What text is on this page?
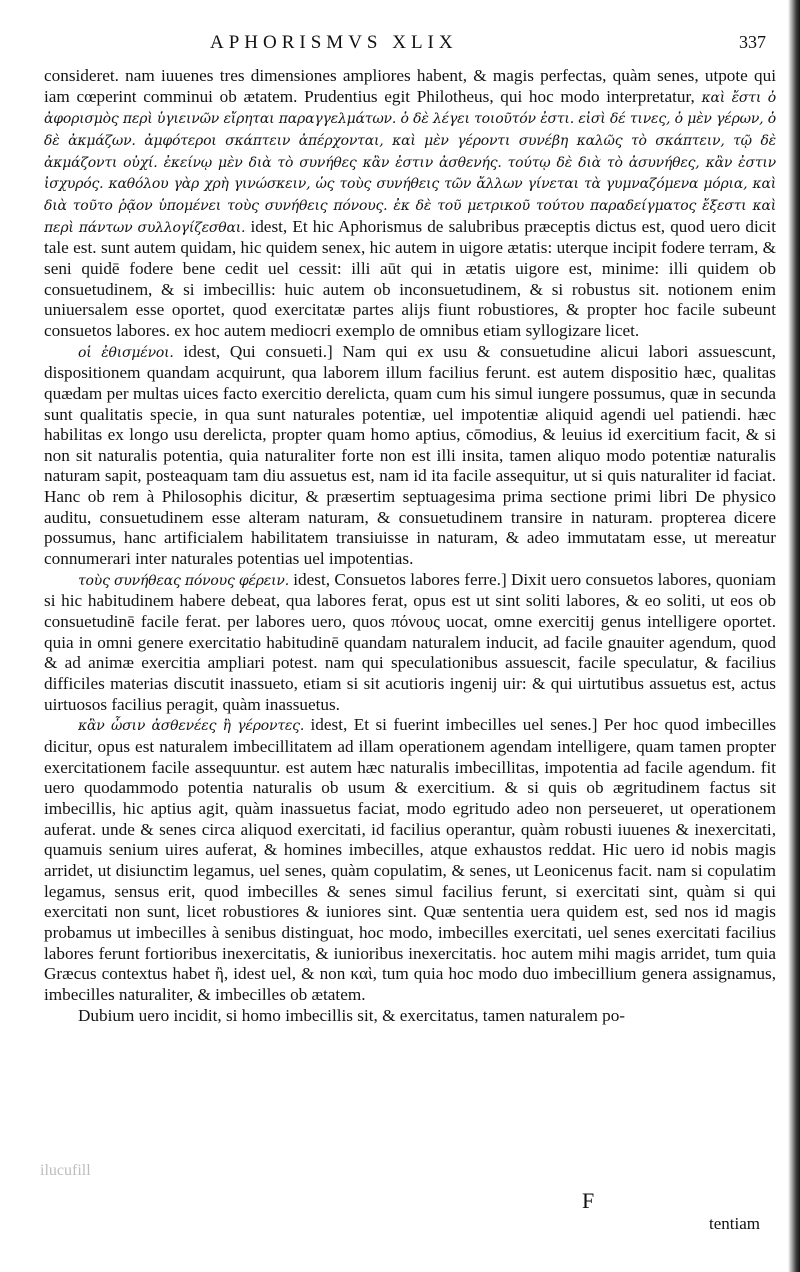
APHORISMVS XLIX	337

consideret. nam iuuenes tres dimensiones ampliores habent, & magis perfectas, quàm senes, utpote qui iam cœperint comminui ob ætatem. Prudentius egit Philotheus, qui hoc modo interpretatur, καὶ ἔστι ὁ ἀφορισμὸς περὶ ὑγιεινῶν εἴρηται παραγγελμάτων. ὁ δὲ λέγει τοιοῦτόν ἐστι. εἰσὶ δέ τινες, ὁ μὲν γέρων, ὁ δὲ ἀκμάζων. ἀμφότεροι σκάπτειν ἀπέρχονται, καὶ μὲν γέροντι συνέβη καλῶς τὸ σκάπτειν, τῷ δὲ ἀκμάζοντι οὐχί. ἐκείνῳ μὲν διὰ τὸ συνήθες κἂν ἐστιν ἀσθενής. τούτῳ δὲ διὰ τὸ ἀσυνήθες, κἂν ἐστιν ἰσχυρός. καθόλου γὰρ χρὴ γινώσκειν, ὡς τοὺς συνήθεις τῶν ἄλλων γίνεται τὰ γυμναζόμενα μόρια, καὶ διὰ τοῦτο ῥᾷον ὑπομένει τοὺς συνήθεις πόνους. ἐκ δὲ τοῦ μετρικοῦ τούτου παραδείγματος ἔξεστι καὶ περὶ πάντων συλλογίζεσθαι. idest, Et hic Aphorismus de salubribus præceptis dictus est, quod uero dicit tale est. sunt autem quidam, hic quidem senex, hic autem in uigore ætatis: uterque incipit fodere terram, & seni quidē fodere bene cedit uel cessit: illi aūt qui in ætatis uigore est, minime: illi quidem ob consuetudinem, & si imbecillis: huic autem ob inconsuetudinem, & si robustus sit. notionem enim uniuersalem esse oportet, quod exercitatæ partes alijs fiunt robustiores, & propter hoc facile subeunt consuetos labores. ex hoc autem mediocri exemplo de omnibus etiam syllogizare licet.

οἱ ἐθισμένοι. idest, Qui consueti.] Nam qui ex usu & consuetudine alicui labori assuescunt, dispositionem quandam acquirunt, qua laborem illum facilius ferunt. est autem dispositio hæc, qualitas quædam per multas uices facto exercitio derelicta, quam cum his simul iungere possumus, quæ in secunda sunt qualitatis specie, in qua sunt naturales potentiæ, uel impotentiæ aliquid agendi uel patiendi. hæc habilitas ex longo usu derelicta, propter quam homo aptius, cōmodius, & leuius id exercitium facit, & si non sit naturalis potentia, quia naturaliter forte non est illi insita, tamen aliquo modo potentiæ naturalis naturam sapit, posteaquam tam diu assuetus est, nam id ita facile assequitur, ut si quis naturaliter id faciat. Hanc ob rem à Philosophis dicitur, & præsertim septuagesima prima sectione primi libri De physico auditu, consuetudinem esse alteram naturam, & consuetudinem transire in naturam. propterea dicere possumus, hanc artificialem habilitatem transiuisse in naturam, & adeo immutatam esse, ut mereatur connumerari inter naturales potentias uel impotentias.

τοὺς συνήθεας πόνους φέρειν. idest, Consuetos labores ferre.] Dixit uero consuetos labores, quoniam si hic habitudinem habere debeat, qua labores ferat, opus est ut sint soliti labores, & eo soliti, ut eos ob consuetudinē facile ferat. per labores uero, quos πόνους uocat, omne exercitij genus intelligere oportet. quia in omni genere exercitatio habitudinē quandam naturalem inducit, ad facile gnauiter agendum, quod & ad animæ exercitia ampliari potest. nam qui speculationibus assuescit, facile speculatur, & facilius difficiles materias discutit inassueto, etiam si sit acutioris ingenij uir: & qui uirtutibus assuetus est, actus uirtuosos facilius peragit, quàm inassuetus.

κἂν ὦσιν ἀσθενέες ἢ γέροντες. idest, Et si fuerint imbecilles uel senes.] Per hoc quod imbecilles dicitur, opus est naturalem imbecillitatem ad illam operationem agendam intelligere, quam tamen propter exercitationem facile assequuntur. est autem hæc naturalis imbecillitas, impotentia ad facile agendum. fit uero quodammodo potentia naturalis ob usum & exercitium. & si quis ob ægritudinem factus sit imbecillis, hic aptius agit, quàm inassuetus faciat, modo egritudo adeo non perseueret, ut operationem auferat. unde & senes circa aliquod exercitati, id facilius operantur, quàm robusti iuuenes & inexercitati, quamuis senium uires auferat, & homines imbecilles, atque exhaustos reddat. Hic uero id nobis magis arridet, ut disiunctim legamus, uel senes, quàm copulatim, & senes, ut Leonicenus facit. nam si copulatim legamus, sensus erit, quod imbecilles & senes simul facilius ferunt, si exercitati sint, quàm si qui exercitati non sunt, licet robustiores & iuniores sint. Quæ sententia uera quidem est, sed nos id magis probamus ut imbecilles à senibus distinguat, hoc modo, imbecilles exercitati, uel senes exercitati facilius labores ferunt fortioribus inexercitatis, & iunioribus inexercitatis. hoc autem mihi magis arridet, tum quia Græcus contextus habet ἢ, idest uel, & non καὶ, tum quia hoc modo duo imbecillium genera assignamus, imbecilles naturaliter, & imbecilles ob ætatem.

Dubium uero incidit, si homo imbecillis sit, & exercitatus, tamen naturalem po-

ilucufill
F
tentiam
